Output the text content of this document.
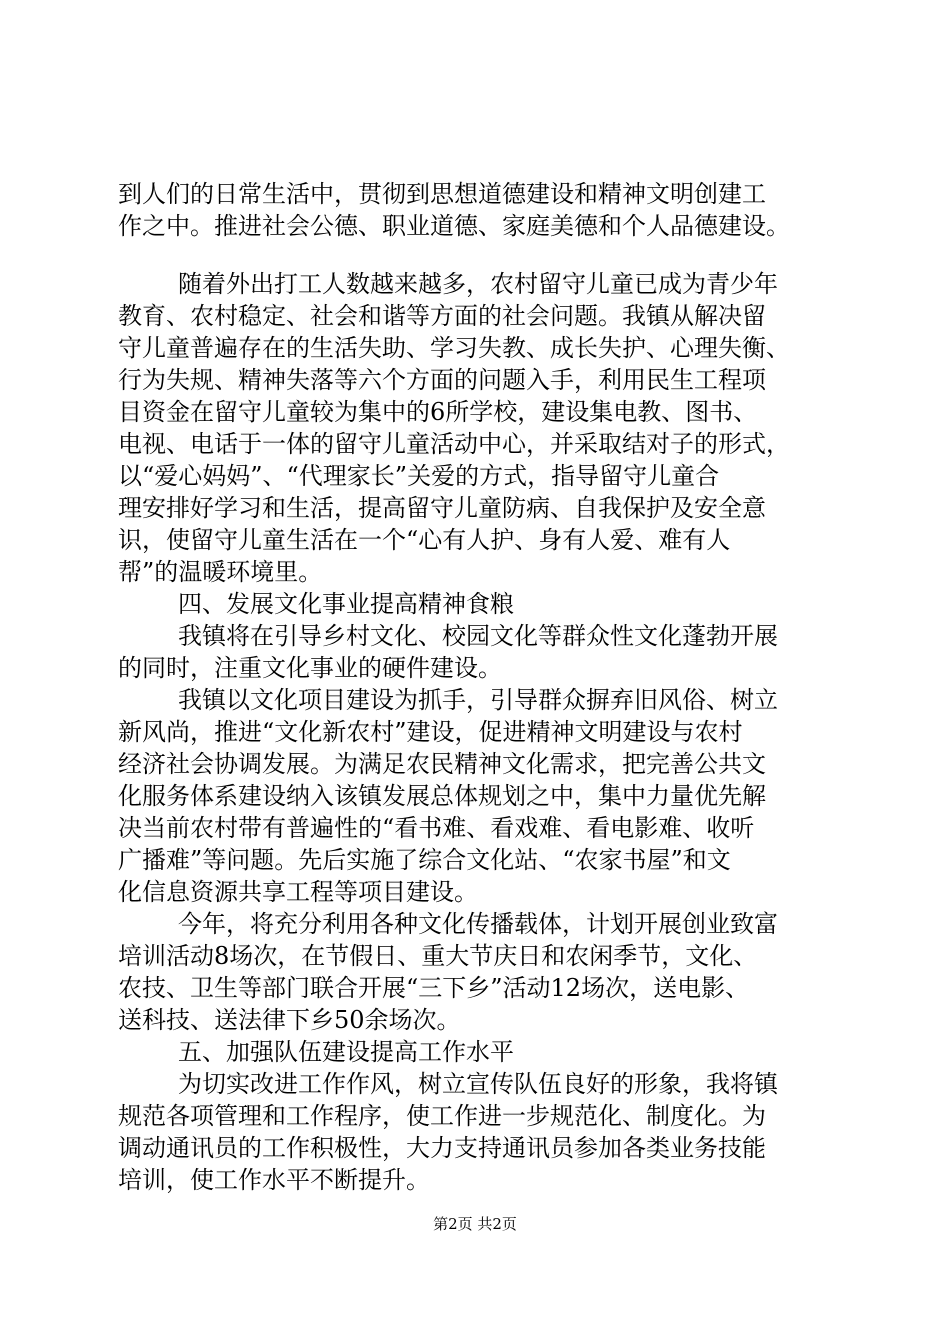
到人们的日常生活中，贯彻到思想道德建设和精神文明创建工
作之中。推进社会公德、职业道德、家庭美德和个人品德建设。
随着外出打工人数越来越多，农村留守儿童已成为青少年
教育、农村稳定、社会和谐等方面的社会问题。我镇从解决留
守儿童普遍存在的生活失助、学习失教、成长失护、心理失衡、
行为失规、精神失落等六个方面的问题入手，利用民生工程项
目资金在留守儿童较为集中的6所学校，建设集电教、图书、
电视、电话于一体的留守儿童活动中心，并采取结对子的形式，
以“爱心妈妈”、“代理家长”关爱的方式，指导留守儿童合
理安排好学习和生活，提高留守儿童防病、自我保护及安全意
识，使留守儿童生活在一个“心有人护、身有人爱、难有人
帮”的温暖环境里。
四、发展文化事业提高精神食粮
我镇将在引导乡村文化、校园文化等群众性文化蓬勃开展
的同时，注重文化事业的硬件建设。
我镇以文化项目建设为抓手，引导群众摒弃旧风俗、树立
新风尚，推进“文化新农村”建设，促进精神文明建设与农村
经济社会协调发展。为满足农民精神文化需求，把完善公共文
化服务体系建设纳入该镇发展总体规划之中，集中力量优先解
决当前农村带有普遍性的“看书难、看戏难、看电影难、收听
广播难”等问题。先后实施了综合文化站、“农家书屋”和文
化信息资源共享工程等项目建设。
今年，将充分利用各种文化传播载体，计划开展创业致富
培训活动8场次，在节假日、重大节庆日和农闲季节，文化、
农技、卫生等部门联合开展“三下乡”活动12场次，送电影、
送科技、送法律下乡50余场次。
五、加强队伍建设提高工作水平
为切实改进工作作风，树立宣传队伍良好的形象，我将镇
规范各项管理和工作程序，使工作进一步规范化、制度化。为
调动通讯员的工作积极性，大力支持通讯员参加各类业务技能
培训，使工作水平不断提升。
第2页 共2页
